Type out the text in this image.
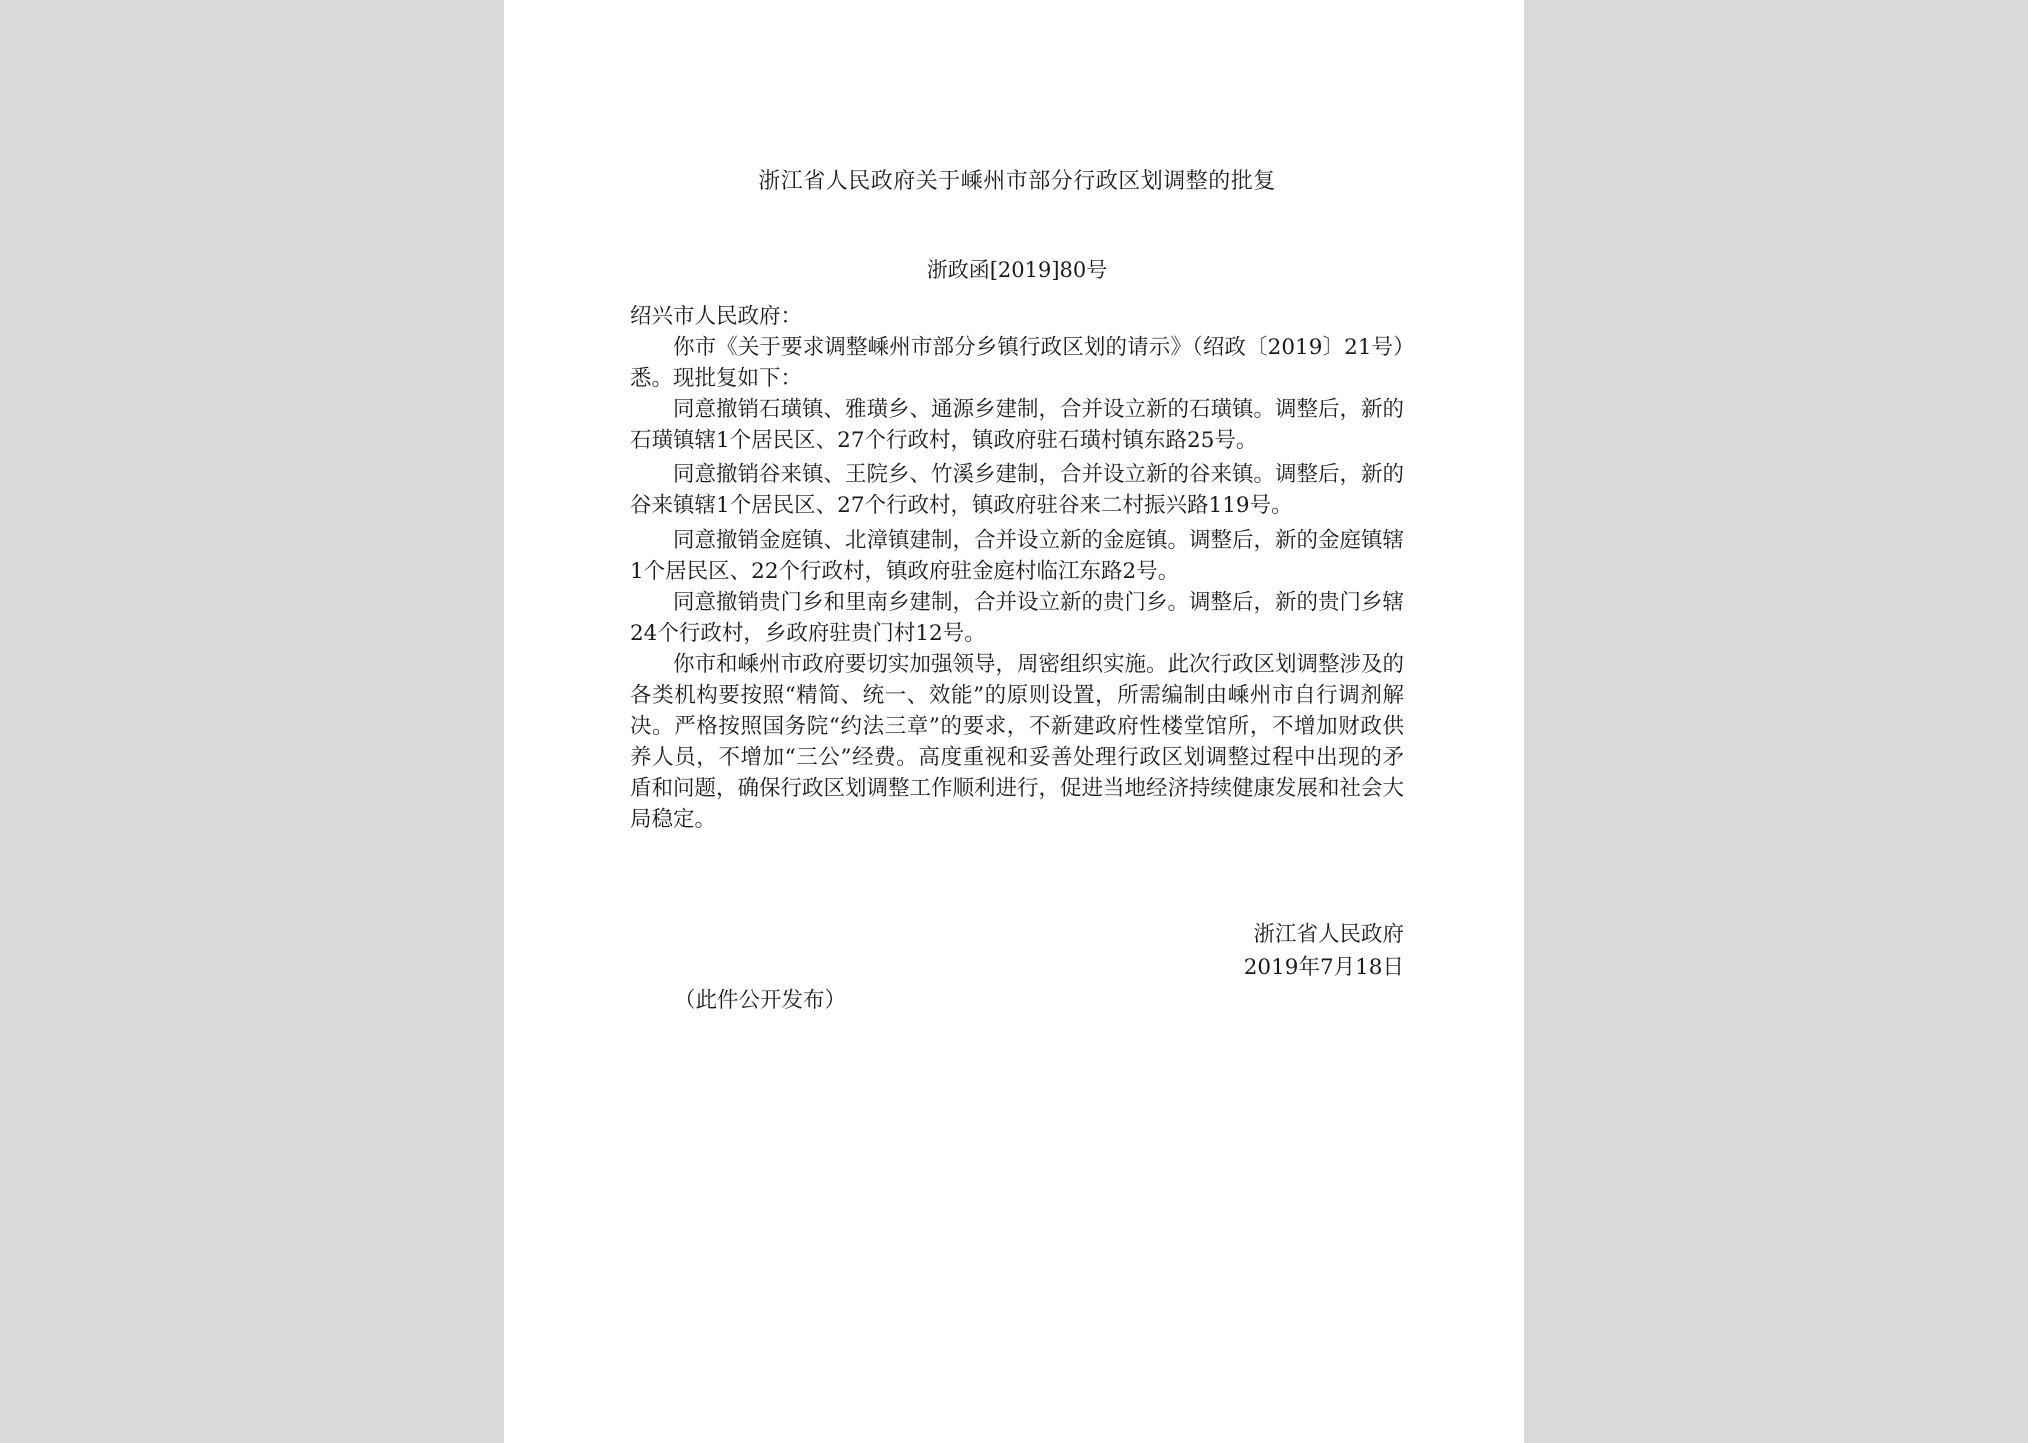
浙江省人民政府关于嵊州市部分行政区划调整的批复
浙政函[2019]80号

绍兴市人民政府：

你市《关于要求调整嵊州市部分乡镇行政区划的请示》（绍政〔2019〕21号）悉。现批复如下：

同意撤销石璜镇、雅璜乡、通源乡建制，合并设立新的石璜镇。调整后，新的石璜镇辖1个居民区、27个行政村，镇政府驻石璜村镇东路25号。

同意撤销谷来镇、王院乡、竹溪乡建制，合并设立新的谷来镇。调整后，新的谷来镇辖1个居民区、27个行政村，镇政府驻谷来二村振兴路119号。

同意撤销金庭镇、北漳镇建制，合并设立新的金庭镇。调整后，新的金庭镇辖1个居民区、22个行政村，镇政府驻金庭村临江东路2号。

同意撤销贵门乡和里南乡建制，合并设立新的贵门乡。调整后，新的贵门乡辖24个行政村，乡政府驻贵门村12号。

你市和嵊州市政府要切实加强领导，周密组织实施。此次行政区划调整涉及的各类机构要按照“精简、统一、效能”的原则设置，所需编制由嵊州市自行调剂解决。严格按照国务院“约法三章”的要求，不新建政府性楼堂馆所，不增加财政供养人员，不增加“三公”经费。高度重视和妥善处理行政区划调整过程中出现的矛盾和问题，确保行政区划调整工作顺利进行，促进当地经济持续健康发展和社会大局稳定。

浙江省人民政府
2019年7月18日
（此件公开发布）
